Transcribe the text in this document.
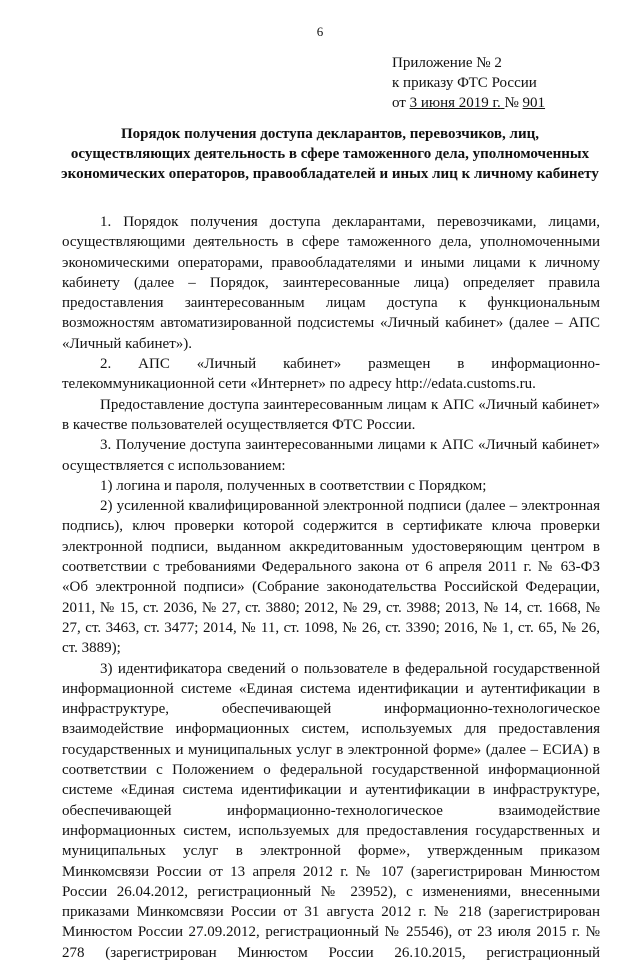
6
Приложение № 2
к приказу ФТС России
от 3 июня 2019 г. № 901
Порядок получения доступа декларантов, перевозчиков, лиц, осуществляющих деятельность в сфере таможенного дела, уполномоченных экономических операторов, правообладателей и иных лиц к личному кабинету

1. Порядок получения доступа декларантами, перевозчиками, лицами, осуществляющими деятельность в сфере таможенного дела, уполномоченными экономическими операторами, правообладателями и иными лицами к личному кабинету (далее – Порядок, заинтересованные лица) определяет правила предоставления заинтересованным лицам доступа к функциональным возможностям автоматизированной подсистемы «Личный кабинет» (далее – АПС «Личный кабинет»).

2. АПС «Личный кабинет» размещен в информационно-телекоммуникационной сети «Интернет» по адресу http://edata.customs.ru.

Предоставление доступа заинтересованным лицам к АПС «Личный кабинет» в качестве пользователей осуществляется ФТС России.

3. Получение доступа заинтересованными лицами к АПС «Личный кабинет» осуществляется с использованием:

1) логина и пароля, полученных в соответствии с Порядком;

2) усиленной квалифицированной электронной подписи (далее – электронная подпись), ключ проверки которой содержится в сертификате ключа проверки электронной подписи, выданном аккредитованным удостоверяющим центром в соответствии с требованиями Федерального закона от 6 апреля 2011 г. № 63-ФЗ «Об электронной подписи» (Собрание законодательства Российской Федерации, 2011, № 15, ст. 2036, № 27, ст. 3880; 2012, № 29, ст. 3988; 2013, № 14, ст. 1668, № 27, ст. 3463, ст. 3477; 2014, № 11, ст. 1098, № 26, ст. 3390; 2016, № 1, ст. 65, № 26, ст. 3889);

3) идентификатора сведений о пользователе в федеральной государственной информационной системе «Единая система идентификации и аутентификации в инфраструктуре, обеспечивающей информационно-технологическое взаимодействие информационных систем, используемых для предоставления государственных и муниципальных услуг в электронной форме» (далее – ЕСИА) в соответствии с Положением о федеральной государственной информационной системе «Единая система идентификации и аутентификации в инфраструктуре, обеспечивающей информационно-технологическое взаимодействие информационных систем, используемых для предоставления государственных и муниципальных услуг в электронной форме», утвержденным приказом Минкомсвязи России от 13 апреля 2012 г. № 107 (зарегистрирован Минюстом России 26.04.2012, регистрационный № 23952), с изменениями, внесенными приказами Минкомсвязи России от 31 августа 2012 г. № 218 (зарегистрирован Минюстом России 27.09.2012, регистрационный № 25546), от 23 июля 2015 г. № 278 (зарегистрирован Минюстом России 26.10.2015, регистрационный
